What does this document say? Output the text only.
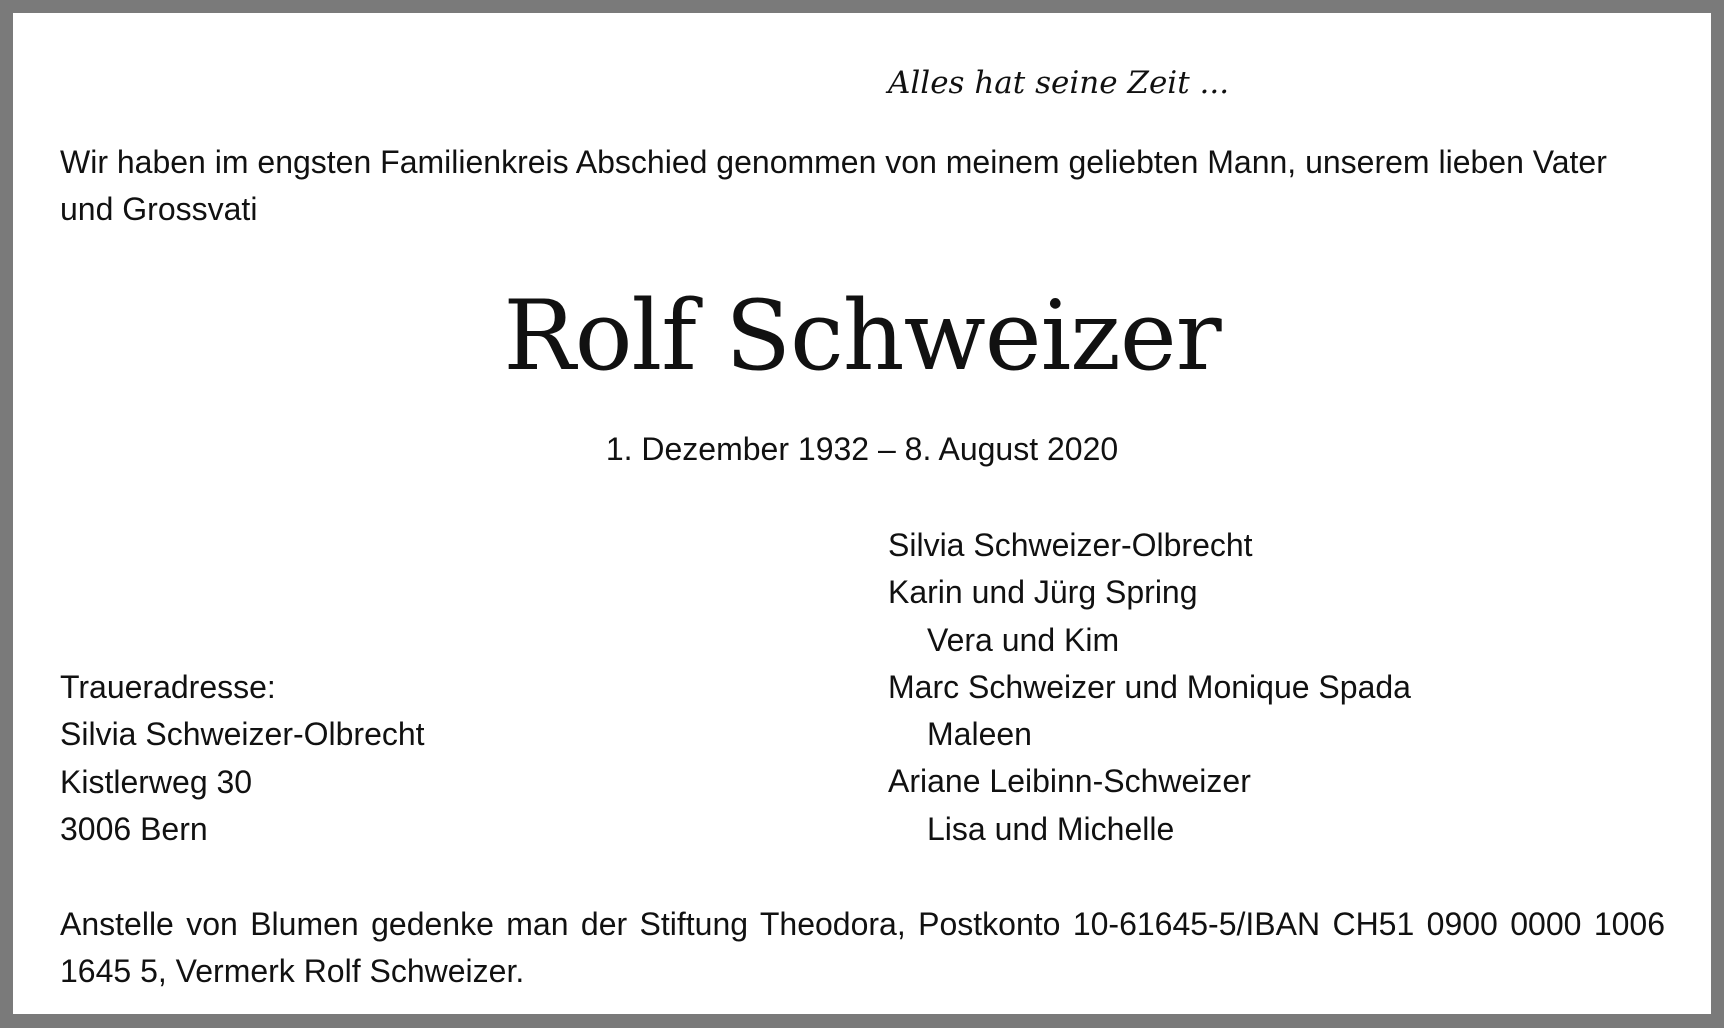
Alles hat seine Zeit ...

Wir haben im engsten Familienkreis Abschied genommen von meinem geliebten Mann, unserem lieben Vater und Grossvati

Rolf Schweizer
1. Dezember 1932 – 8. August 2020
Silvia Schweizer-Olbrecht
Karin und Jürg Spring
Vera und Kim
Marc Schweizer und Monique Spada
Maleen
Ariane Leibinn-Schweizer
Lisa und Michelle
Traueradresse:
Silvia Schweizer-Olbrecht
Kistlerweg 30
3006 Bern

Anstelle von Blumen gedenke man der Stiftung Theodora, Postkonto 10-61645-5/IBAN CH51 0900 0000 1006 1645 5, Vermerk Rolf Schweizer.
